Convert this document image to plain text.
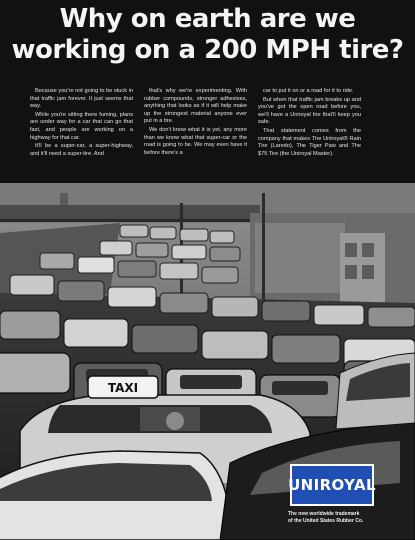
Why on earth are we
working on a 200 MPH tire?

Because you're not going to be stuck in that traffic jam forever. It just seems that way.

While you're sitting there fuming, plans are under way for a car that can go that fast, and people are working on a highway for that car.

It'll be a super-car, a super-highway, and it'll need a super-tire. And

that's why we're experimenting. With rubber compounds, stronger adhesives, anything that looks as if it will help make up the strongest material anyone ever put in a tire.

We don't know what it is yet, any more than we know what that super-car or the road is going to be. We may even have it before there's a

car to put it on or a road for it to ride.

But when that traffic jam breaks up and you've got the open road before you, we'll have a Uniroyal tire that'll keep you safe.

That statement comes from the company that makes The Uniroyal® Rain Tire (Laredo), The Tiger Paw and The $75 Tire (the Uniroyal Master).

TAXI
UNIROYAL
The new worldwide trademark
of the United States Rubber Co.
